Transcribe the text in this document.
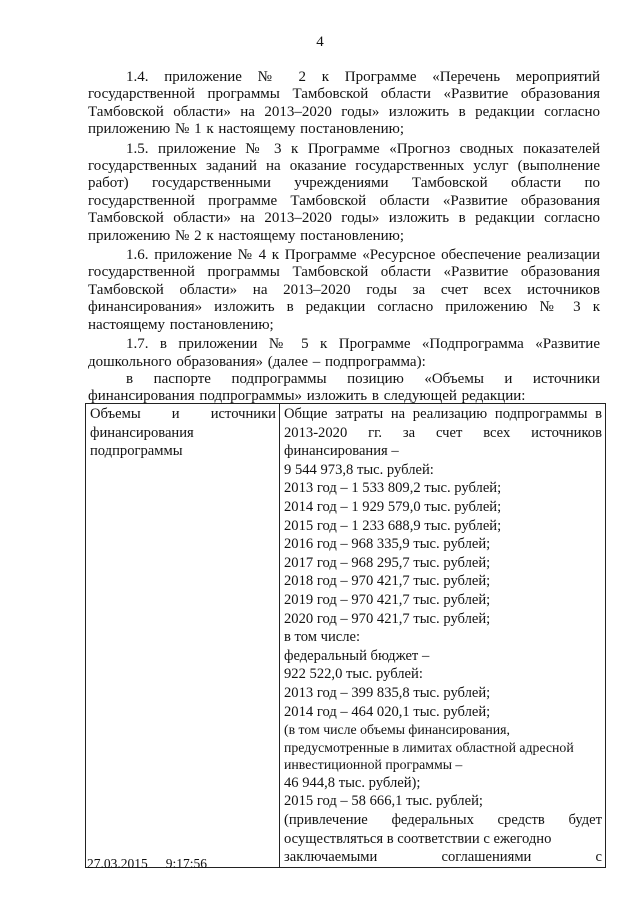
4

1.4. приложение № 2 к Программе «Перечень мероприятий государственной программы Тамбовской области «Развитие образования Тамбовской области» на 2013–2020 годы» изложить в редакции согласно приложению № 1 к настоящему постановлению;

1.5. приложение № 3 к Программе «Прогноз сводных показателей государственных заданий на оказание государственных услуг (выполнение работ) государственными учреждениями Тамбовской области по государственной программе Тамбовской области «Развитие образования Тамбовской области» на 2013–2020 годы» изложить в редакции согласно приложению № 2 к настоящему постановлению;

1.6. приложение № 4 к Программе «Ресурсное обеспечение реализации государственной программы Тамбовской области «Развитие образования Тамбовской области» на 2013–2020 годы за счет всех источников финансирования» изложить в редакции согласно приложению № 3 к настоящему постановлению;

1.7. в приложении № 5 к Программе «Подпрограмма «Развитие дошкольного образования» (далее – подпрограмма):

в паспорте подпрограммы позицию «Объемы и источники финансирования подпрограммы» изложить в следующей редакции:

Объемы и источники финансирования подпрограммы

Общие затраты на реализацию подпрограммы в 2013-2020 гг. за счет всех источников финансирования –
9 544 973,8 тыс. рублей:
2013 год – 1 533 809,2 тыс. рублей;
2014 год – 1 929 579,0 тыс. рублей;
2015 год – 1 233 688,9 тыс. рублей;
2016 год – 968 335,9 тыс. рублей;
2017 год – 968 295,7 тыс. рублей;
2018 год – 970 421,7 тыс. рублей;
2019 год – 970 421,7 тыс. рублей;
2020 год – 970 421,7 тыс. рублей;
в том числе:
федеральный бюджет –
922 522,0 тыс. рублей:
2013 год – 399 835,8 тыс. рублей;
2014 год – 464 020,1 тыс. рублей;
(в том числе объемы финансирования, предусмотренные в лимитах областной адресной инвестиционной программы –
46 944,8 тыс. рублей);
2015 год – 58 666,1 тыс. рублей;
(привлечение федеральных средств будет осуществляться в соответствии с ежегодно
заключаемыми соглашениями с
27.03.2015 9:17:56
